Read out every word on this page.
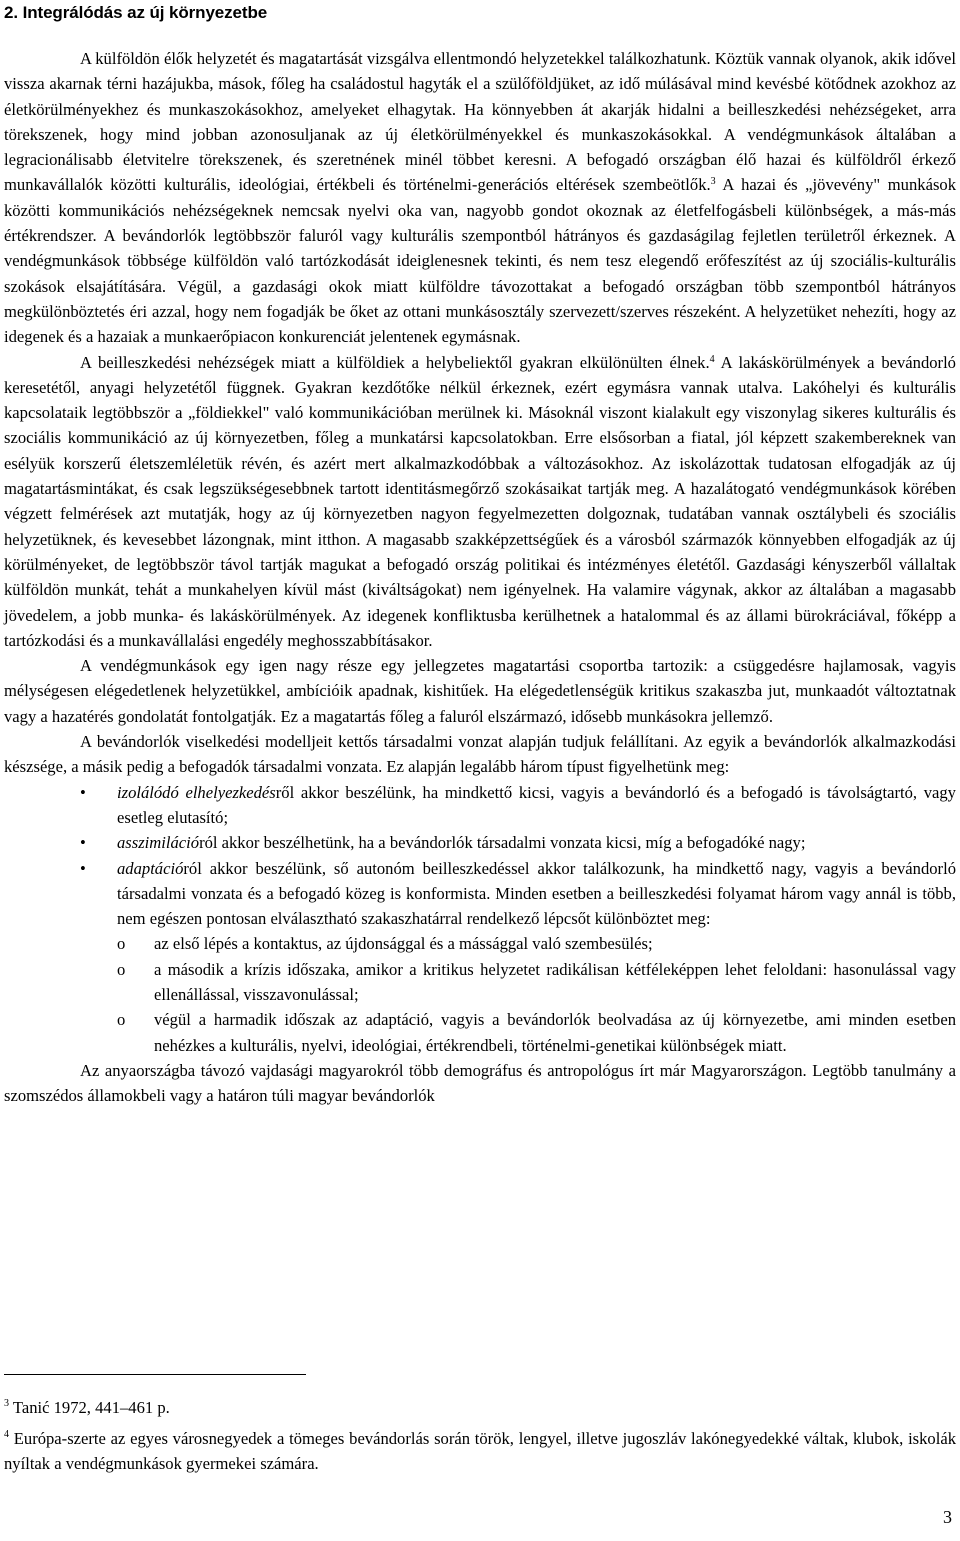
2. Integrálódás az új környezetbe

A külföldön élők helyzetét és magatartását vizsgálva ellentmondó helyzetekkel találkozhatunk. Köztük vannak olyanok, akik idővel vissza akarnak térni hazájukba, mások, főleg ha családostul hagyták el a szülőföldjüket, az idő múlásával mind kevésbé kötődnek azokhoz az életkörülményekhez és munkaszokásokhoz, amelyeket elhagytak. Ha könnyebben át akarják hidalni a beilleszkedési nehézségeket, arra törekszenek, hogy mind jobban azonosuljanak az új életkörülményekkel és munkaszokásokkal. A vendégmunkások általában a legracionálisabb életvitelre törekszenek, és szeretnének minél többet keresni. A befogadó országban élő hazai és külföldről érkező munkavállalók közötti kulturális, ideológiai, értékbeli és történelmi-generációs eltérések szembeötlők.$^3$ A hazai és „jövevény" munkások közötti kommunikációs nehézségeknek nemcsak nyelvi oka van, nagyobb gondot okoznak az életfelfogásbeli különbségek, a más-más értékrendszer. A bevándorlók legtöbbször faluról vagy kulturális szempontból hátrányos és gazdaságilag fejletlen területről érkeznek. A vendégmunkások többsége külföldön való tartózkodását ideiglenesnek tekinti, és nem tesz elegendő erőfeszítést az új szociális-kulturális szokások elsajátítására. Végül, a gazdasági okok miatt külföldre távozottakat a befogadó országban több szempontból hátrányos megkülönböztetés éri azzal, hogy nem fogadják be őket az ottani munkásosztály szervezett/szerves részeként. A helyzetüket nehezíti, hogy az idegenek és a hazaiak a munkaerőpiacon konkurenciát jelentenek egymásnak.

A beilleszkedési nehézségek miatt a külföldiek a helybeliektől gyakran elkülönülten élnek.$^4$ A lakáskörülmények a bevándorló keresetétől, anyagi helyzetétől függnek. Gyakran kezdőtőke nélkül érkeznek, ezért egymásra vannak utalva. Lakóhelyi és kulturális kapcsolataik legtöbbször a „földiekkel" való kommunikációban merülnek ki. Másoknál viszont kialakult egy viszonylag sikeres kulturális és szociális kommunikáció az új környezetben, főleg a munkatársi kapcsolatokban. Erre elsősorban a fiatal, jól képzett szakembereknek van esélyük korszerű életszemléletük révén, és azért mert alkalmazkodóbbak a változásokhoz. Az iskolázottak tudatosan elfogadják az új magatartásmintákat, és csak legszükségesebbnek tartott identitásmegőrző szokásaikat tartják meg. A hazalátogató vendégmunkások körében végzett felmérések azt mutatják, hogy az új környezetben nagyon fegyelmezetten dolgoznak, tudatában vannak osztálybeli és szociális helyzetüknek, és kevesebbet lázongnak, mint itthon. A magasabb szakképzettségűek és a városból származók könnyebben elfogadják az új körülményeket, de legtöbbször távol tartják magukat a befogadó ország politikai és intézményes életétől. Gazdasági kényszerből vállaltak külföldön munkát, tehát a munkahelyen kívül mást (kiváltságokat) nem igényelnek. Ha valamire vágynak, akkor az általában a magasabb jövedelem, a jobb munka- és lakáskörülmények. Az idegenek konfliktusba kerülhetnek a hatalommal és az állami bürokráciával, főképp a tartózkodási és a munkavállalási engedély meghosszabbításakor.

A vendégmunkások egy igen nagy része egy jellegzetes magatartási csoportba tartozik: a csüggedésre hajlamosak, vagyis mélységesen elégedetlenek helyzetükkel, ambícióik apadnak, kishitűek. Ha elégedetlenségük kritikus szakaszba jut, munkaadót változtatnak vagy a hazatérés gondolatát fontolgatják. Ez a magatartás főleg a faluról elszármazó, idősebb munkásokra jellemző.

A bevándorlók viselkedési modelljeit kettős társadalmi vonzat alapján tudjuk felállítani. Az egyik a bevándorlók alkalmazkodási készsége, a másik pedig a befogadók társadalmi vonzata. Ez alapján legalább három típust figyelhetünk meg:

• izolálódó elhelyezkedésről akkor beszélünk, ha mindkettő kicsi, vagyis a bevándorló és a befogadó is távolságtartó, vagy esetleg elutasító;
• asszimilációról akkor beszélhetünk, ha a bevándorlók társadalmi vonzata kicsi, míg a befogadóké nagy;
• adaptációról akkor beszélünk, ső autonóm beilleszkedéssel akkor találkozunk, ha mindkettő nagy, vagyis a bevándorló társadalmi vonzata és a befogadó közeg is konformista. Minden esetben a beilleszkedési folyamat három vagy annál is több, nem egészen pontosan elválasztható szakaszhatárral rendelkező lépcsőt különböztet meg:
o az első lépés a kontaktus, az újdonsággal és a mássággal való szembesülés;
o a második a krízis időszaka, amikor a kritikus helyzetet radikálisan kétféleképpen lehet feloldani: hasonulással vagy ellenállással, visszavonulással;
o végül a harmadik időszak az adaptáció, vagyis a bevándorlók beolvadása az új környezetbe, ami minden esetben nehézkes a kulturális, nyelvi, ideológiai, értékrendbeli, történelmi-genetikai különbségek miatt.

Az anyaországba távozó vajdasági magyarokról több demográfus és antropológus írt már Magyarországon. Legtöbb tanulmány a szomszédos államokbeli vagy a határon túli magyar bevándorlók

$^3$ Tanić 1972, 441–461 p.

$^4$ Európa-szerte az egyes városnegyedek a tömeges bevándorlás során török, lengyel, illetve jugoszláv lakónegyedekké váltak, klubok, iskolák nyíltak a vendégmunkások gyermekei számára.

3
